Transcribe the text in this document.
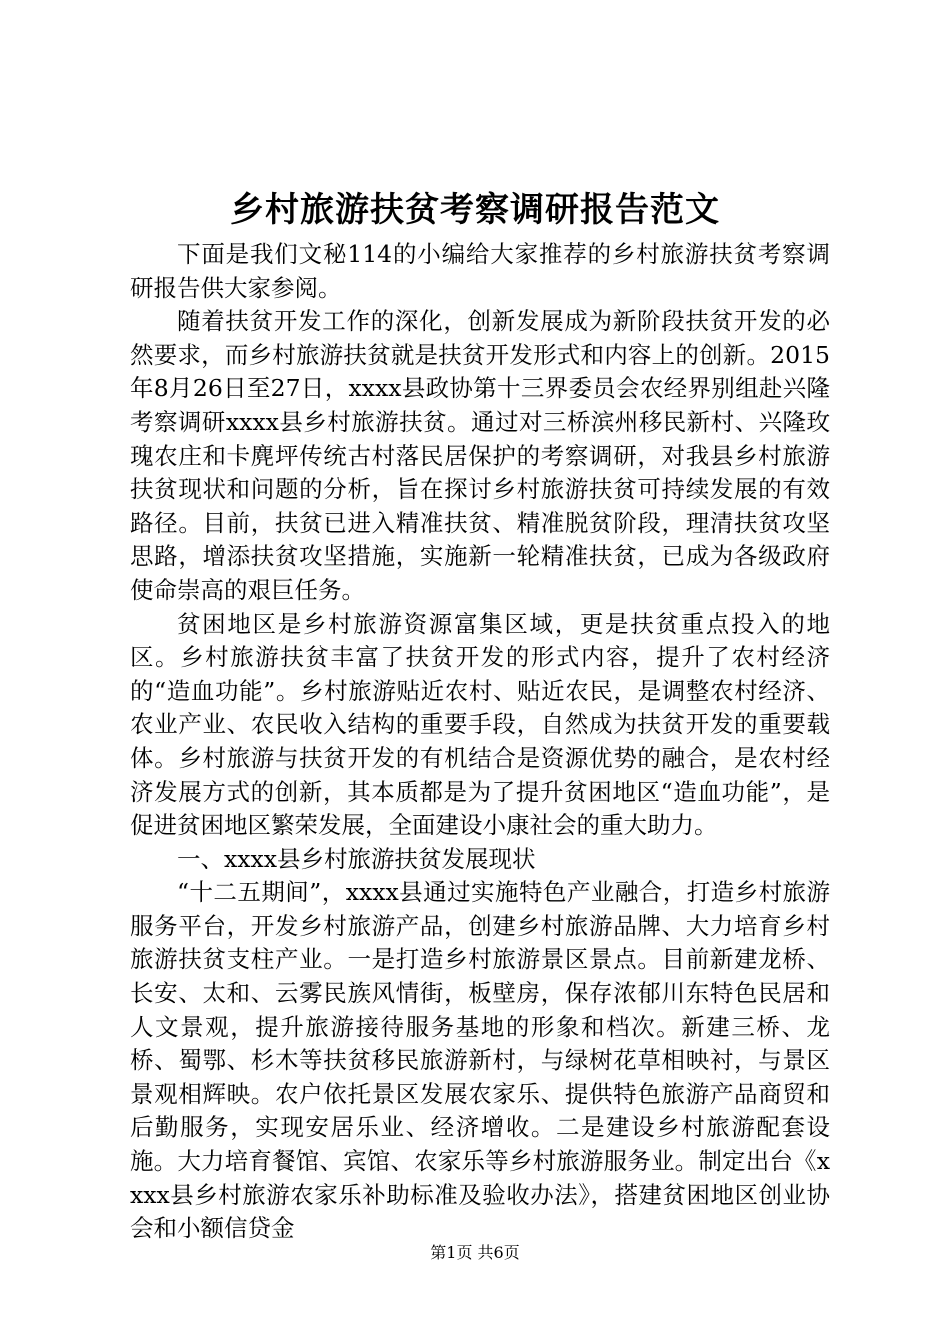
乡村旅游扶贫考察调研报告范文

下面是我们文秘114的小编给大家推荐的乡村旅游扶贫考察调研报告供大家参阅。

随着扶贫开发工作的深化，创新发展成为新阶段扶贫开发的必然要求，而乡村旅游扶贫就是扶贫开发形式和内容上的创新。2015年8月26日至27日，xxxx县政协第十三界委员会农经界别组赴兴隆考察调研xxxx县乡村旅游扶贫。通过对三桥滨州移民新村、兴隆玫瑰农庄和卡麂坪传统古村落民居保护的考察调研，对我县乡村旅游扶贫现状和问题的分析，旨在探讨乡村旅游扶贫可持续发展的有效路径。目前，扶贫已进入精准扶贫、精准脱贫阶段，理清扶贫攻坚思路，增添扶贫攻坚措施，实施新一轮精准扶贫，已成为各级政府使命崇高的艰巨任务。

贫困地区是乡村旅游资源富集区域，更是扶贫重点投入的地区。乡村旅游扶贫丰富了扶贫开发的形式内容，提升了农村经济的“造血功能”。乡村旅游贴近农村、贴近农民，是调整农村经济、农业产业、农民收入结构的重要手段，自然成为扶贫开发的重要载体。乡村旅游与扶贫开发的有机结合是资源优势的融合，是农村经济发展方式的创新，其本质都是为了提升贫困地区“造血功能”，是促进贫困地区繁荣发展，全面建设小康社会的重大助力。

一、xxxx县乡村旅游扶贫发展现状

“十二五期间”，xxxx县通过实施特色产业融合，打造乡村旅游服务平台，开发乡村旅游产品，创建乡村旅游品牌、大力培育乡村旅游扶贫支柱产业。一是打造乡村旅游景区景点。目前新建龙桥、长安、太和、云雾民族风情街，板壁房，保存浓郁川东特色民居和人文景观，提升旅游接待服务基地的形象和档次。新建三桥、龙桥、蜀鄂、杉木等扶贫移民旅游新村，与绿树花草相映衬，与景区景观相辉映。农户依托景区发展农家乐、提供特色旅游产品商贸和后勤服务，实现安居乐业、经济增收。二是建设乡村旅游配套设施。大力培育餐馆、宾馆、农家乐等乡村旅游服务业。制定出台《xxxx县乡村旅游农家乐补助标准及验收办法》，搭建贫困地区创业协会和小额信贷金

第1页 共6页
